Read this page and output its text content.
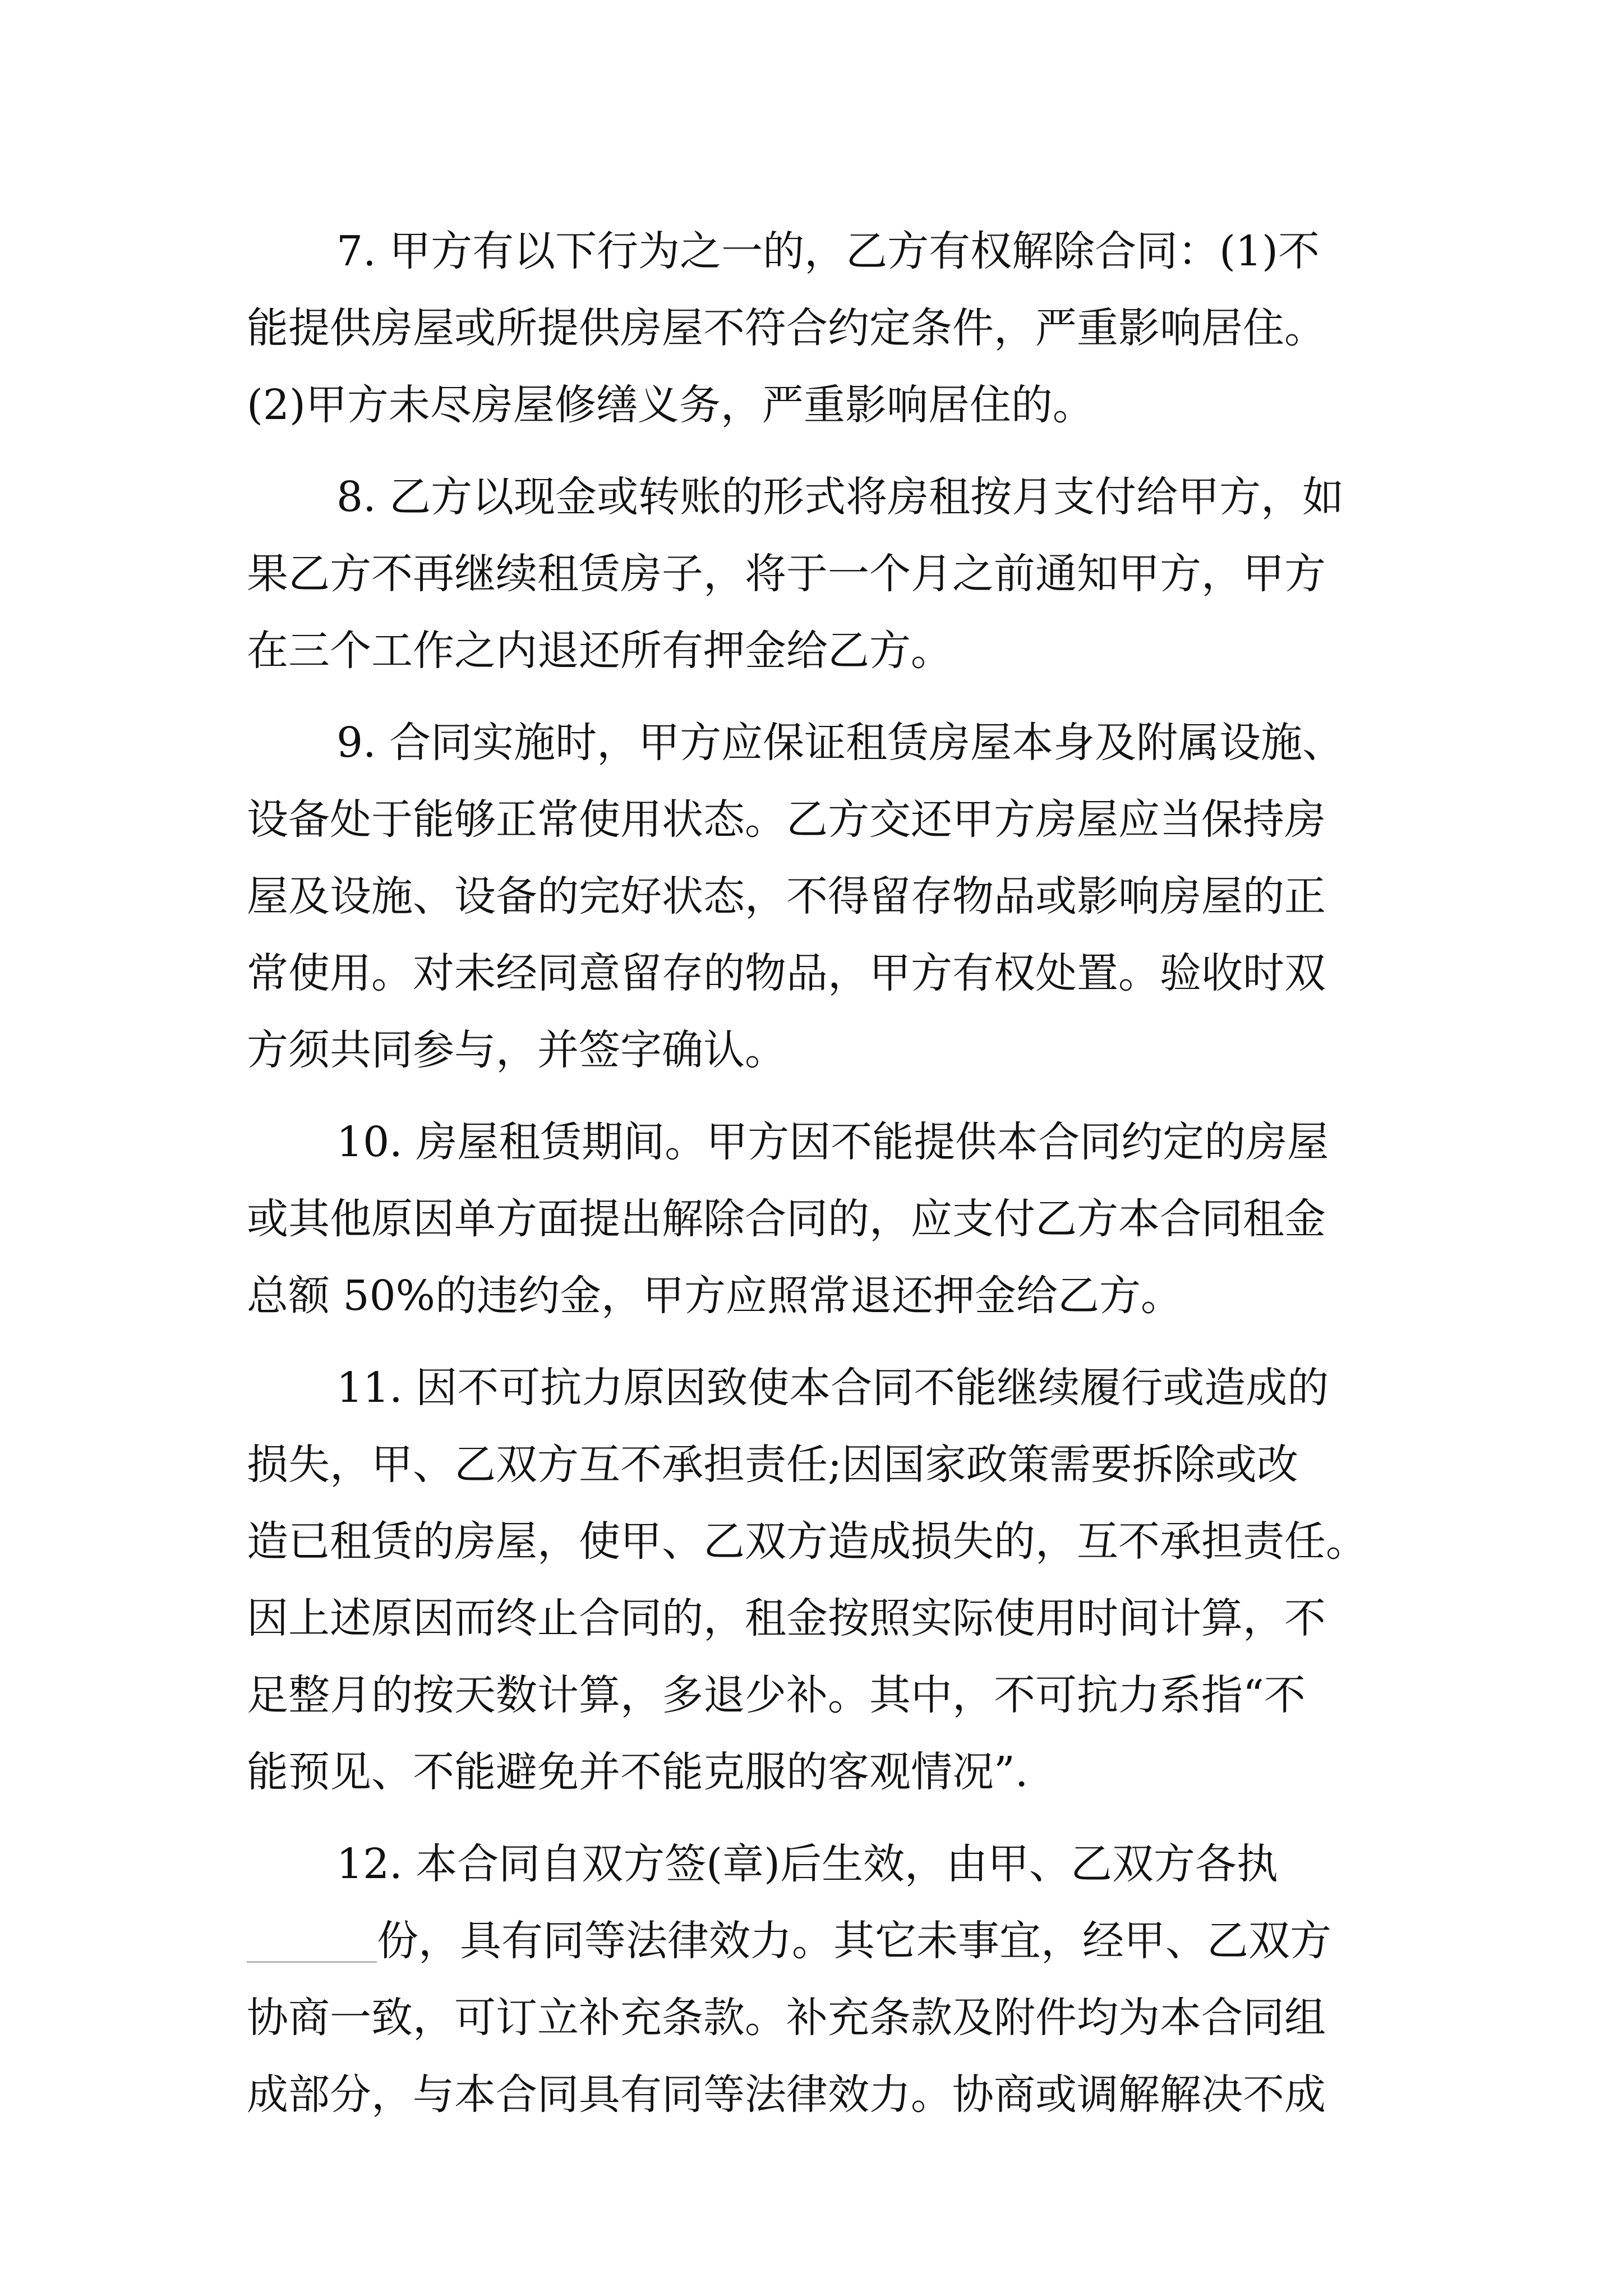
7. 甲方有以下行为之一的，乙方有权解除合同：(1)不
能提供房屋或所提供房屋不符合约定条件，严重影响居住。
(2)甲方未尽房屋修缮义务，严重影响居住的。
8. 乙方以现金或转账的形式将房租按月支付给甲方，如
果乙方不再继续租赁房子，将于一个月之前通知甲方，甲方
在三个工作之内退还所有押金给乙方。
9. 合同实施时，甲方应保证租赁房屋本身及附属设施、
设备处于能够正常使用状态。乙方交还甲方房屋应当保持房
屋及设施、设备的完好状态，不得留存物品或影响房屋的正
常使用。对未经同意留存的物品，甲方有权处置。验收时双
方须共同参与，并签字确认。
10. 房屋租赁期间。甲方因不能提供本合同约定的房屋
或其他原因单方面提出解除合同的，应支付乙方本合同租金
总额 50%的违约金，甲方应照常退还押金给乙方。
11. 因不可抗力原因致使本合同不能继续履行或造成的
损失，甲、乙双方互不承担责任;因国家政策需要拆除或改
造已租赁的房屋，使甲、乙双方造成损失的，互不承担责任。
因上述原因而终止合同的，租金按照实际使用时间计算，不
足整月的按天数计算，多退少补。其中，不可抗力系指“不
能预见、不能避免并不能克服的客观情况”.
12. 本合同自双方签(章)后生效，由甲、乙双方各执
份，具有同等法律效力。其它未事宜，经甲、乙双方
协商一致，可订立补充条款。补充条款及附件均为本合同组
成部分，与本合同具有同等法律效力。协商或调解解决不成
